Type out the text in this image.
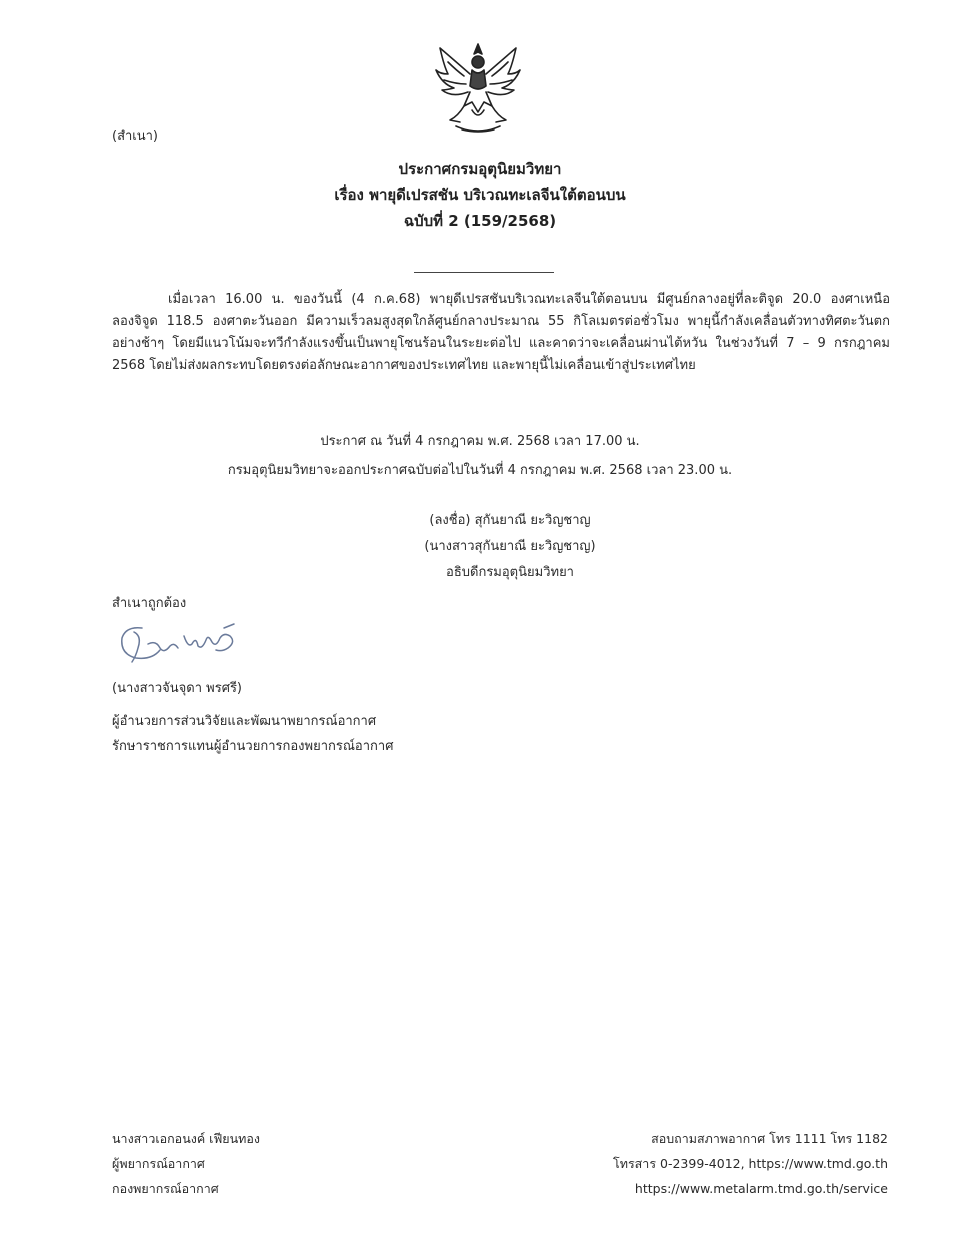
(สำเนา)
ประกาศกรมอุตุนิยมวิทยา
เรื่อง พายุดีเปรสชัน บริเวณทะเลจีนใต้ตอนบน
ฉบับที่ 2 (159/2568)
เมื่อเวลา 16.00 น. ของวันนี้ (4 ก.ค.68) พายุดีเปรสชันบริเวณทะเลจีนใต้ตอนบน มีศูนย์กลางอยู่ที่ละติจูด 20.0 องศาเหนือ ลองจิจูด 118.5 องศาตะวันออก มีความเร็วลมสูงสุดใกล้ศูนย์กลางประมาณ 55 กิโลเมตรต่อชั่วโมง พายุนี้กำลังเคลื่อนตัวทางทิศตะวันตกอย่างช้าๆ โดยมีแนวโน้มจะทวีกำลังแรงขึ้นเป็นพายุโซนร้อนในระยะต่อไป และคาดว่าจะเคลื่อนผ่านไต้หวัน ในช่วงวันที่ 7 – 9 กรกฎาคม 2568 โดยไม่ส่งผลกระทบโดยตรงต่อลักษณะอากาศของประเทศไทย และพายุนี้ไม่เคลื่อนเข้าสู่ประเทศไทย
ประกาศ ณ วันที่ 4 กรกฎาคม พ.ศ. 2568 เวลา 17.00 น.
กรมอุตุนิยมวิทยาจะออกประกาศฉบับต่อไปในวันที่ 4 กรกฎาคม พ.ศ. 2568 เวลา 23.00 น.
(ลงชื่อ) สุกันยาณี ยะวิญชาญ
(นางสาวสุกันยาณี ยะวิญชาญ)
อธิบดีกรมอุตุนิยมวิทยา
สำเนาถูกต้อง
(นางสาวจันจุดา พรศรี)
ผู้อำนวยการส่วนวิจัยและพัฒนาพยากรณ์อากาศ
รักษาราชการแทนผู้อำนวยการกองพยากรณ์อากาศ
นางสาวเอกอนงค์ เฟียนทอง
ผู้พยากรณ์อากาศ
กองพยากรณ์อากาศ
สอบถามสภาพอากาศ โทร 1111 โทร 1182
โทรสาร 0-2399-4012, https://www.tmd.go.th
https://www.metalarm.tmd.go.th/service
